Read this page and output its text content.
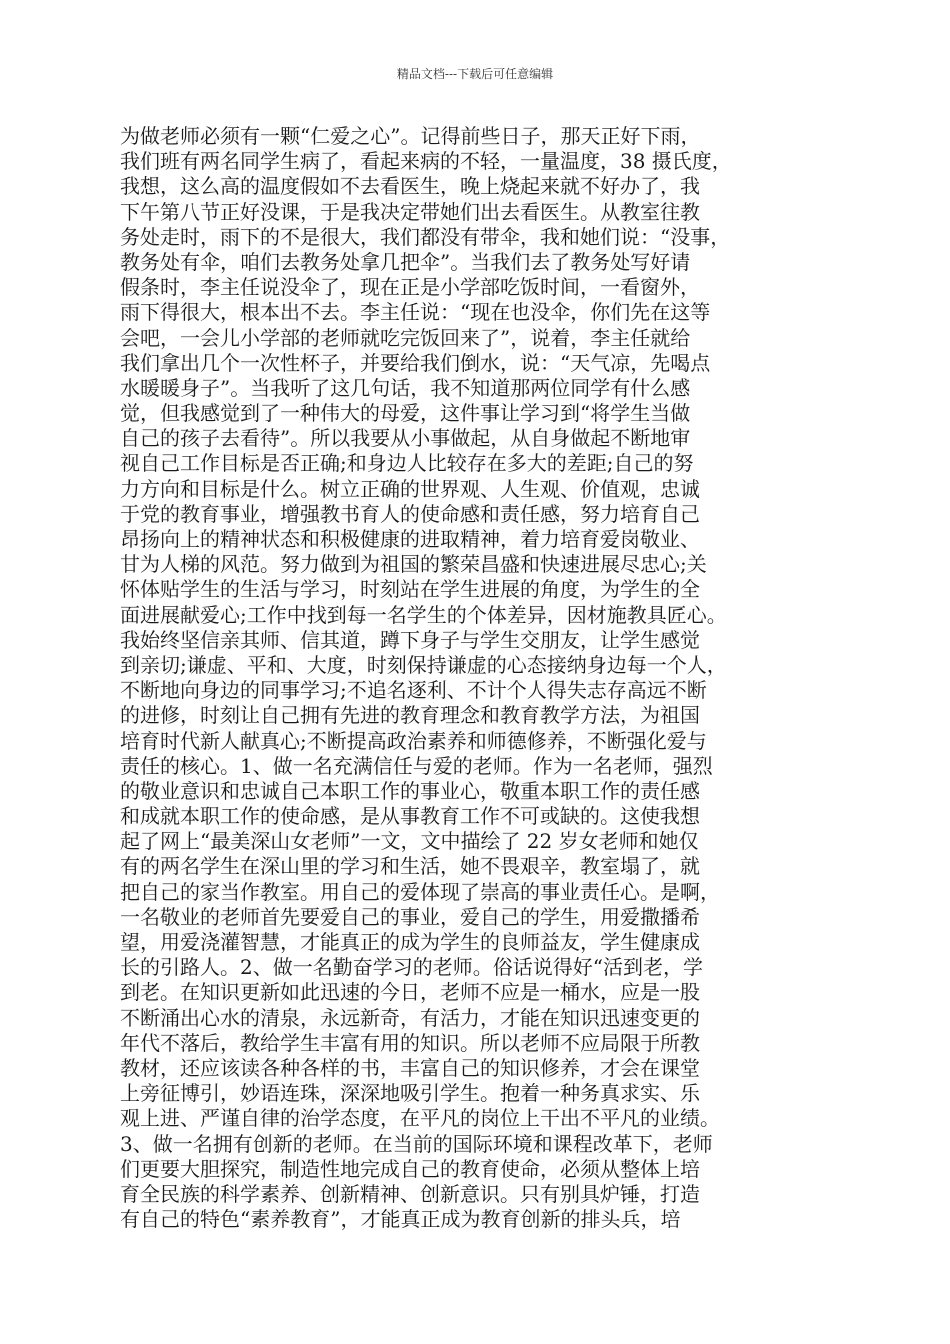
精品文档---下载后可任意编辑
为做老师必须有一颗“仁爱之心”。记得前些日子，那天正好下雨，
我们班有两名同学生病了，看起来病的不轻，一量温度，38 摄氏度，
我想，这么高的温度假如不去看医生，晚上烧起来就不好办了，我
下午第八节正好没课，于是我决定带她们出去看医生。从教室往教
务处走时，雨下的不是很大，我们都没有带伞，我和她们说：“没事，
教务处有伞，咱们去教务处拿几把伞”。当我们去了教务处写好请
假条时，李主任说没伞了，现在正是小学部吃饭时间，一看窗外，
雨下得很大，根本出不去。李主任说：“现在也没伞，你们先在这等
会吧，一会儿小学部的老师就吃完饭回来了”，说着，李主任就给
我们拿出几个一次性杯子，并要给我们倒水，说：“天气凉，先喝点
水暖暖身子”。当我听了这几句话，我不知道那两位同学有什么感
觉，但我感觉到了一种伟大的母爱，这件事让学习到“将学生当做
自己的孩子去看待”。所以我要从小事做起，从自身做起不断地审
视自己工作目标是否正确;和身边人比较存在多大的差距;自己的努
力方向和目标是什么。树立正确的世界观、人生观、价值观，忠诚
于党的教育事业，增强教书育人的使命感和责任感，努力培育自己
昂扬向上的精神状态和积极健康的进取精神，着力培育爱岗敬业、
甘为人梯的风范。努力做到为祖国的繁荣昌盛和快速进展尽忠心;关
怀体贴学生的生活与学习，时刻站在学生进展的角度，为学生的全
面进展献爱心;工作中找到每一名学生的个体差异，因材施教具匠心。
我始终坚信亲其师、信其道，蹲下身子与学生交朋友，让学生感觉
到亲切;谦虚、平和、大度，时刻保持谦虚的心态接纳身边每一个人，
不断地向身边的同事学习;不追名逐利、不计个人得失志存高远不断
的进修，时刻让自己拥有先进的教育理念和教育教学方法，为祖国
培育时代新人献真心;不断提高政治素养和师德修养，不断强化爱与
责任的核心。1、做一名充满信任与爱的老师。作为一名老师，强烈
的敬业意识和忠诚自己本职工作的事业心，敬重本职工作的责任感
和成就本职工作的使命感，是从事教育工作不可或缺的。这使我想
起了网上“最美深山女老师”一文，文中描绘了 22 岁女老师和她仅
有的两名学生在深山里的学习和生活，她不畏艰辛，教室塌了，就
把自己的家当作教室。用自己的爱体现了崇高的事业责任心。是啊，
一名敬业的老师首先要爱自己的事业，爱自己的学生，用爱撒播希
望，用爱浇灌智慧，才能真正的成为学生的良师益友，学生健康成
长的引路人。2、做一名勤奋学习的老师。俗话说得好“活到老，学
到老。在知识更新如此迅速的今日，老师不应是一桶水，应是一股
不断涌出心水的清泉，永远新奇，有活力，才能在知识迅速变更的
年代不落后，教给学生丰富有用的知识。所以老师不应局限于所教
教材，还应该读各种各样的书，丰富自己的知识修养，才会在课堂
上旁征博引，妙语连珠，深深地吸引学生。抱着一种务真求实、乐
观上进、严谨自律的治学态度，在平凡的岗位上干出不平凡的业绩。
3、做一名拥有创新的老师。在当前的国际环境和课程改革下，老师
们更要大胆探究，制造性地完成自己的教育使命，必须从整体上培
育全民族的科学素养、创新精神、创新意识。只有别具炉锤，打造
有自己的特色“素养教育”，才能真正成为教育创新的排头兵，培
